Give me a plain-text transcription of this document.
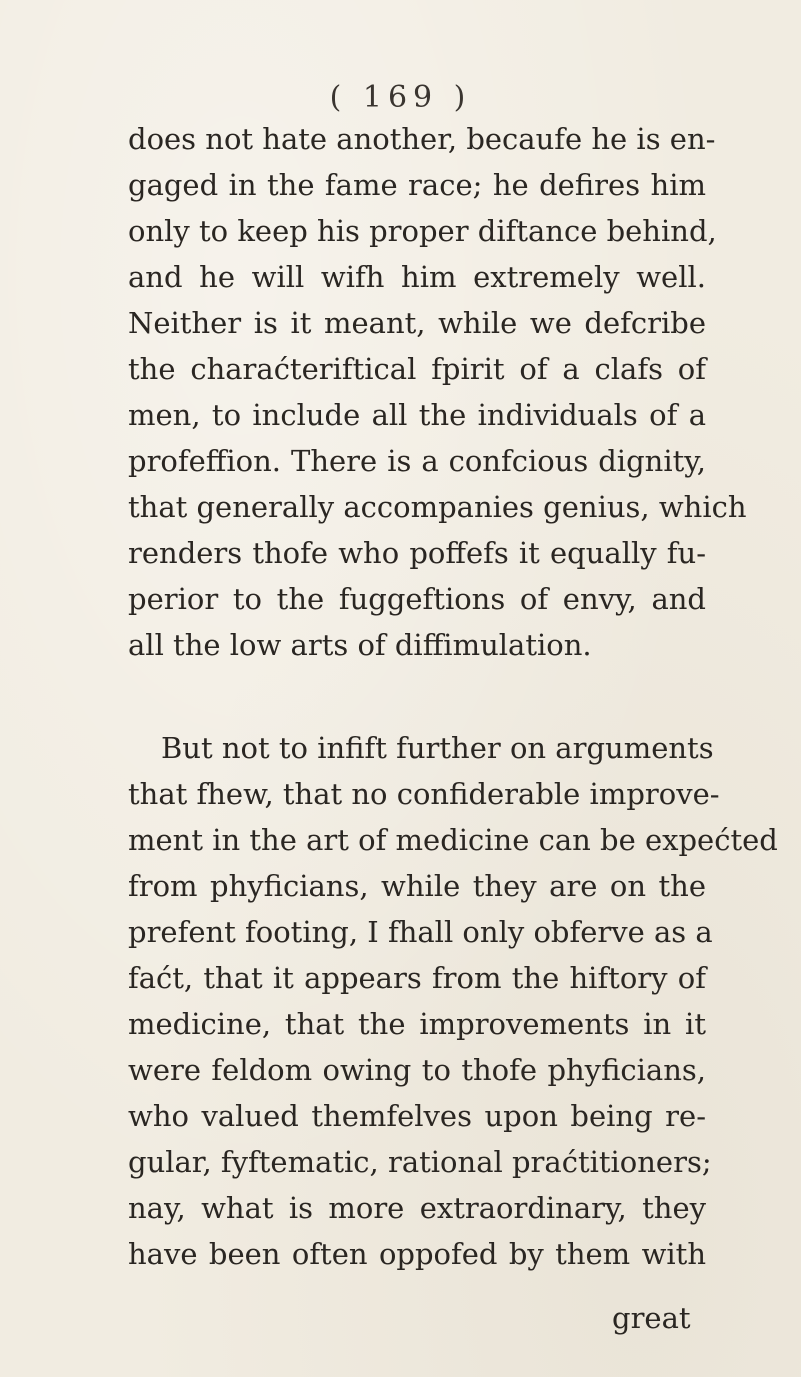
( 169 )
does not hate another, becaufe he is en-
gaged in the fame race; he defires him
only to keep his proper diftance behind,
and he will wifh him extremely well.
Neither is it meant, while we defcribe
the charaćteriftical fpirit of a clafs of
men, to include all the individuals of a
profeffion. There is a confcious dignity,
that generally accompanies genius, which
renders thofe who poffefs it equally fu-
perior to the fuggeftions of envy, and
all the low arts of diffimulation.
But not to infift further on arguments
that fhew, that no confiderable improve-
ment in the art of medicine can be expećted
from phyficians, while they are on the
prefent footing, I fhall only obferve as a
faćt, that it appears from the hiftory of
medicine, that the improvements in it
were feldom owing to thofe phyficians,
who valued themfelves upon being re-
gular, fyftematic, rational praćtitioners;
nay, what is more extraordinary, they
have been often oppofed by them with
great
